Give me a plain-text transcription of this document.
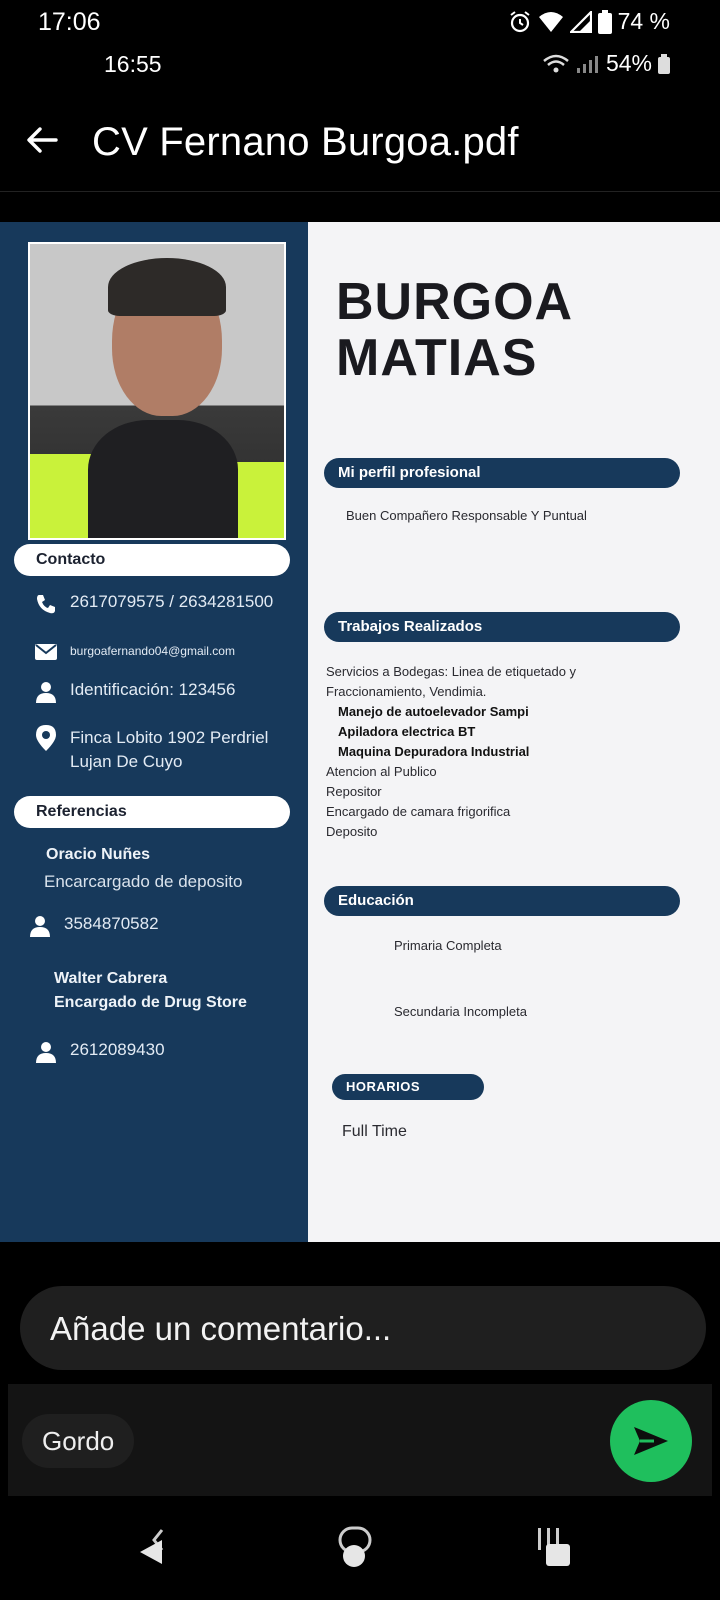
17:06	74 %
16:55	54%
CV Fernano Burgoa.pdf
Contacto
2617079575 / 2634281500
burgoafernando04@gmail.com
Identificación: 123456
Finca Lobito 1902 Perdriel
Lujan De Cuyo
Referencias
Oracio Nuñes
Encarcargado de deposito
3584870582
Walter Cabrera
Encargado de Drug Store
2612089430
BURGOA
MATIAS
Mi perfil profesional
Buen Compañero Responsable Y Puntual
Trabajos Realizados
Servicios a Bodegas: Linea de etiquetado y
Fraccionamiento, Vendimia.
Manejo de autoelevador Sampi
Apiladora electrica BT
Maquina Depuradora Industrial
Atencion al Publico
Repositor
Encargado de camara frigorifica
Deposito
Educación
Primaria Completa
Secundaria Incompleta
HORARIOS
Full Time
Añade un comentario...
Gordo
